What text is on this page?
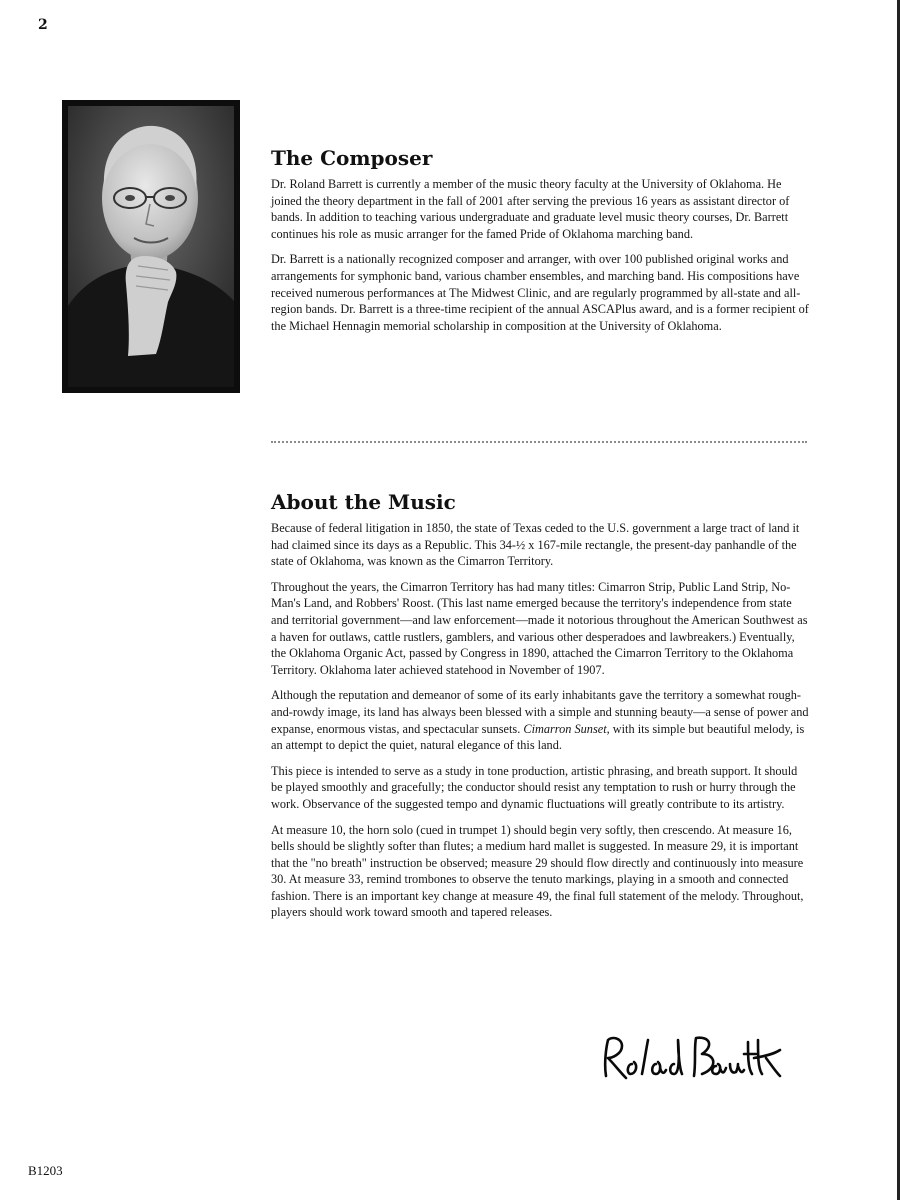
2
The Composer

Dr. Roland Barrett is currently a member of the music theory faculty at the University of Oklahoma. He joined the theory department in the fall of 2001 after serving the previous 16 years as assistant director of bands. In addition to teaching various undergraduate and graduate level music theory courses, Dr. Barrett continues his role as music arranger for the famed Pride of Oklahoma marching band.

Dr. Barrett is a nationally recognized composer and arranger, with over 100 published original works and arrangements for symphonic band, various chamber ensembles, and marching band. His compositions have received numerous performances at The Midwest Clinic, and are regularly programmed by all-state and all-region bands. Dr. Barrett is a three-time recipient of the annual ASCAPlus award, and is a former recipient of the Michael Hennagin memorial scholarship in composition at the University of Oklahoma.

About the Music

Because of federal litigation in 1850, the state of Texas ceded to the U.S. government a large tract of land it had claimed since its days as a Republic. This 34-½ x 167-mile rectangle, the present-day panhandle of the state of Oklahoma, was known as the Cimarron Territory.

Throughout the years, the Cimarron Territory has had many titles: Cimarron Strip, Public Land Strip, No-Man's Land, and Robbers' Roost. (This last name emerged because the territory's independence from state and territorial government—and law enforcement—made it notorious throughout the American Southwest as a haven for outlaws, cattle rustlers, gamblers, and various other desperadoes and lawbreakers.) Eventually, the Oklahoma Organic Act, passed by Congress in 1890, attached the Cimarron Territory to the Oklahoma Territory. Oklahoma later achieved statehood in November of 1907.

Although the reputation and demeanor of some of its early inhabitants gave the territory a somewhat rough-and-rowdy image, its land has always been blessed with a simple and stunning beauty—a sense of power and expanse, enormous vistas, and spectacular sunsets. Cimarron Sunset, with its simple but beautiful melody, is an attempt to depict the quiet, natural elegance of this land.

This piece is intended to serve as a study in tone production, artistic phrasing, and breath support. It should be played smoothly and gracefully; the conductor should resist any temptation to rush or hurry through the work. Observance of the suggested tempo and dynamic fluctuations will greatly contribute to its artistry.

At measure 10, the horn solo (cued in trumpet 1) should begin very softly, then crescendo. At measure 16, bells should be slightly softer than flutes; a medium hard mallet is suggested. In measure 29, it is important that the "no breath" instruction be observed; measure 29 should flow directly and continuously into measure 30. At measure 33, remind trombones to observe the tenuto markings, playing in a smooth and connected fashion. There is an important key change at measure 49, the final full statement of the melody. Throughout, players should work toward smooth and tapered releases.

B1203
